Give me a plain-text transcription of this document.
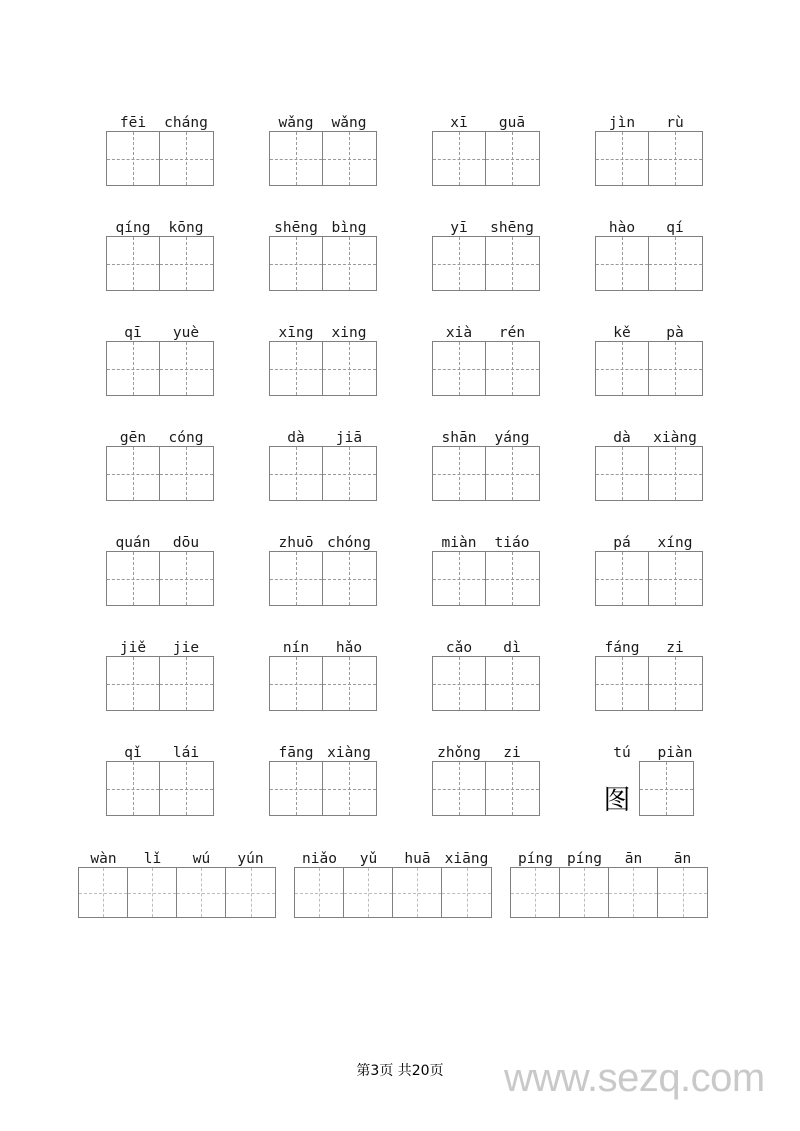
fēi	cháng	wǎng	wǎng	xī	guā	jìn	rù
qíng	kōng	shēng bìng	yī	shēng	hào	qí
qī	yuè	xīng	xing	xià	rén	kě	pà
gēn	cóng	dà	jiā	shān	yáng	dà	xiàng
quán	dōu	zhuō chóng	miàn	tiáo	pá	xíng
jiě	jie	nín	hǎo	cǎo	dì	fáng	zi
qǐ	lái	fāng xiàng	zhǒng	zi	tú	piàn
图
wàn	lǐ	wú	yún	niǎo	yǔ	huā xiāng	píng píng	ān	ān
第3页 共20页	www.sezq.com
